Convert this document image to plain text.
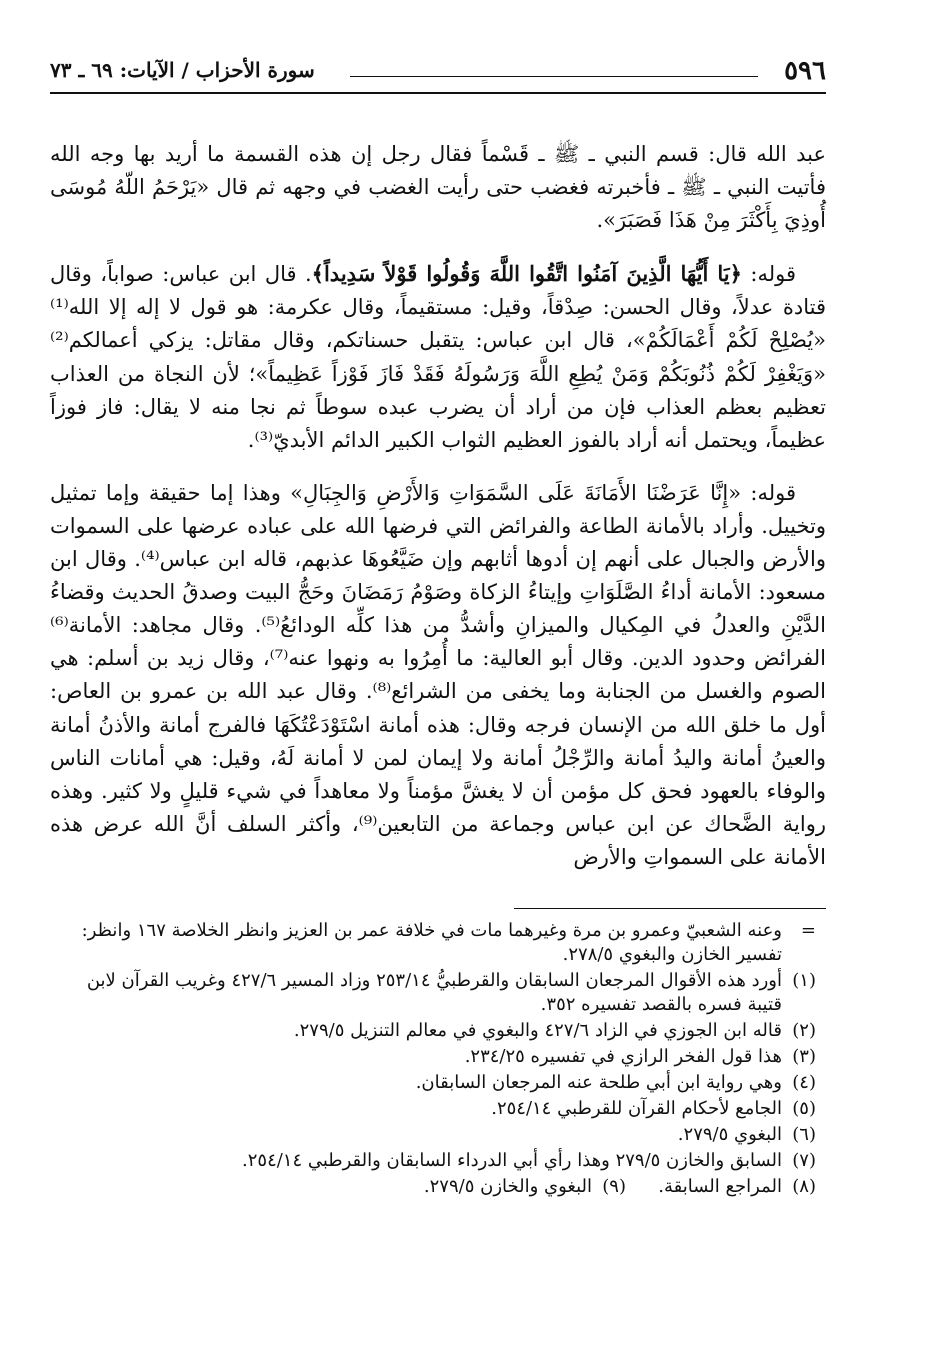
٥٩٦
سورة الأحزاب / الآيات: ٦٩ ـ ٧٣

عبد الله قال: قسم النبي ـ ﷺ ـ قَسْماً فقال رجل إن هذه القسمة ما أريد بها وجه الله فأتيت النبي ـ ﷺ ـ فأخبرته فغضب حتى رأيت الغضب في وجهه ثم قال «يَرْحَمُ اللّهُ مُوسَى أُوذِيَ بِأَكْثَرَ مِنْ هَذَا فَصَبَرَ».

قوله: ﴿يَا أَيُّهَا الَّذِينَ آمَنُوا اتَّقُوا اللَّهَ وَقُولُوا قَوْلاً سَدِيداً﴾. قال ابن عباس: صواباً، وقال قتادة عدلاً، وقال الحسن: صِدْقاً، وقيل: مستقيماً، وقال عكرمة: هو قول لا إله إلا الله⁽¹⁾ «يُصْلِحْ لَكُمْ أَعْمَالَكُمْ»، قال ابن عباس: يتقبل حسناتكم، وقال مقاتل: يزكي أعمالكم⁽²⁾ «وَيَغْفِرْ لَكُمْ ذُنُوبَكُمْ وَمَنْ يُطِعِ اللَّهَ وَرَسُولَهُ فَقَدْ فَازَ فَوْزاً عَظِيماً»؛ لأن النجاة من العذاب تعظيم بعظم العذاب فإن من أراد أن يضرب عبده سوطاً ثم نجا منه لا يقال: فاز فوزاً عظيماً، ويحتمل أنه أراد بالفوز العظيم الثواب الكبير الدائم الأبديّ⁽³⁾.

قوله: «إِنَّا عَرَضْنَا الأَمَانَةَ عَلَى السَّمَوَاتِ وَالأَرْضِ وَالجِبَالِ» وهذا إما حقيقة وإما تمثيل وتخييل. وأراد بالأمانة الطاعة والفرائض التي فرضها الله على عباده عرضها على السموات والأرض والجبال على أنهم إن أدوها أثابهم وإن ضَيَّعُوهَا عذبهم، قاله ابن عباس⁽⁴⁾. وقال ابن مسعود: الأمانة أداءُ الصَّلَوَاتِ وإيتاءُ الزكاة وصَوْمُ رَمَضَانَ وحَجُّ البيت وصدقُ الحديث وقضاءُ الدَّيْنِ والعدلُ في المِكيال والميزانِ وأشدُّ من هذا كلِّه الودائعُ⁽⁵⁾. وقال مجاهد: الأمانة⁽⁶⁾ الفرائض وحدود الدين. وقال أبو العالية: ما أُمِرُوا به ونهوا عنه⁽⁷⁾، وقال زيد بن أسلم: هي الصوم والغسل من الجنابة وما يخفى من الشرائع⁽⁸⁾. وقال عبد الله بن عمرو بن العاص: أول ما خلق الله من الإنسان فرجه وقال: هذه أمانة اسْتَوْدَعْتُكَهَا فالفرج أمانة والأذنُ أمانة والعينُ أمانة واليدُ أمانة والرِّجْلُ أمانة ولا إيمان لمن لا أمانة لَهُ، وقيل: هي أمانات الناس والوفاء بالعهود فحق كل مؤمن أن لا يغشَّ مؤمناً ولا معاهداً في شيء قليلٍ ولا كثير. وهذه رواية الضَّحاك عن ابن عباس وجماعة من التابعين⁽⁹⁾، وأكثر السلف أنَّ الله عرض هذه الأمانة على السمواتِ والأرض

=
وعنه الشعبيّ وعمرو بن مرة وغيرهما مات في خلافة عمر بن العزيز وانظر الخلاصة ١٦٧ وانظر: تفسير الخازن والبغوي ٢٧٨/٥.
(١)
أورد هذه الأقوال المرجعان السابقان والقرطبيُّ ٢٥٣/١٤ وزاد المسير ٤٢٧/٦ وغريب القرآن لابن قتيبة فسره بالقصد تفسيره ٣٥٢.
(٢)
قاله ابن الجوزي في الزاد ٤٢٧/٦ والبغوي في معالم التنزيل ٢٧٩/٥.
(٣)
هذا قول الفخر الرازي في تفسيره ٢٣٤/٢٥.
(٤)
وهي رواية ابن أبي طلحة عنه المرجعان السابقان.
(٥)
الجامع لأحكام القرآن للقرطبي ٢٥٤/١٤.
(٦)
البغوي ٢٧٩/٥.
(٧)
السابق والخازن ٢٧٩/٥ وهذا رأي أبي الدرداء السابقان والقرطبي ٢٥٤/١٤.
(٨)
المراجع السابقة.
(٩)
البغوي والخازن ٢٧٩/٥.
